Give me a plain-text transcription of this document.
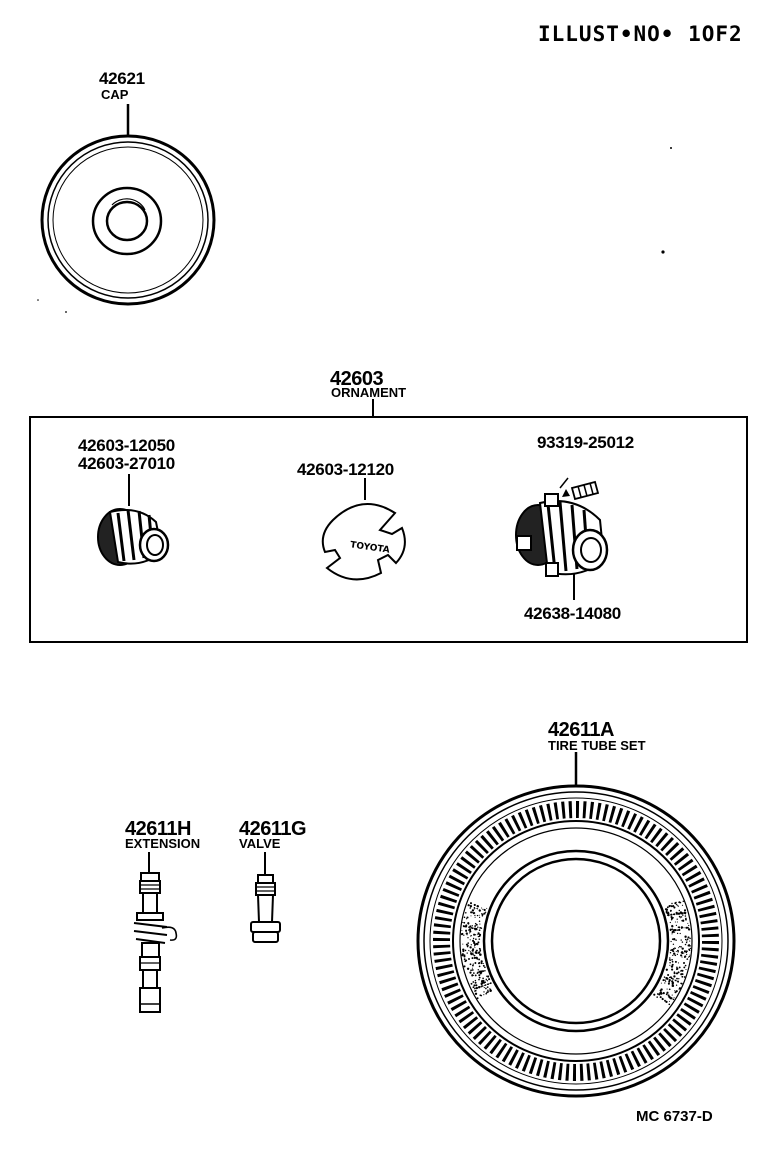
ILLUST•NO• 1OF2
42621
CAP
42603
ORNAMENT
42603-12050
42603-27010	42603-12120
TOYOTA
93319-25012
42638-14080
42611H
EXTENSION
42611G
VALVE
42611A
TIRE TUBE SET
MC 6737-D
